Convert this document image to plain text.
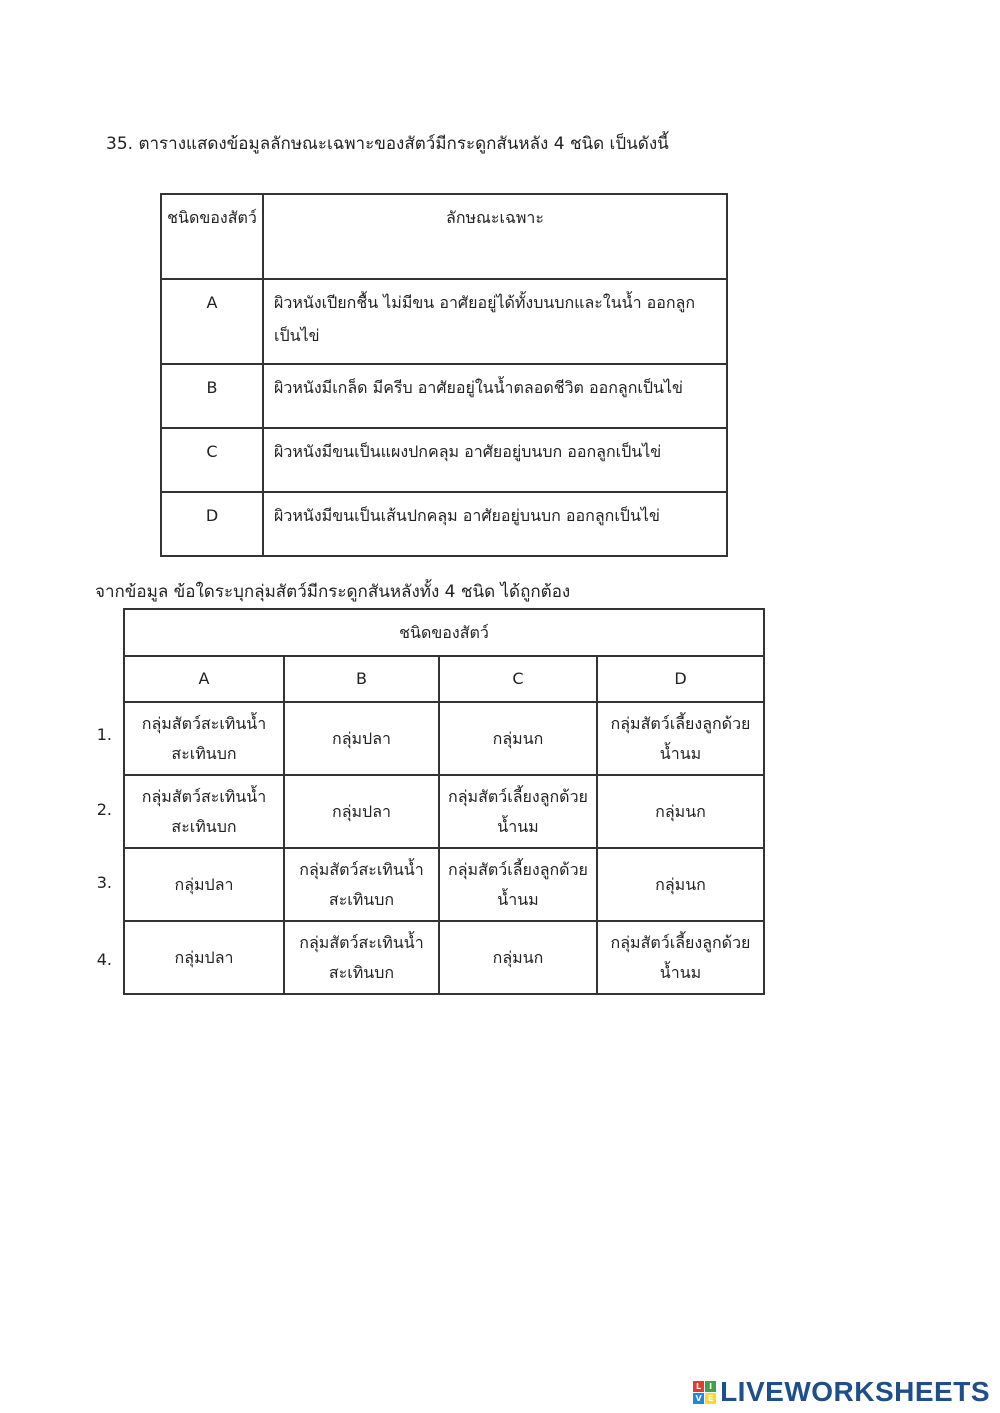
35. ตารางแสดงข้อมูลลักษณะเฉพาะของสัตว์มีกระดูกสันหลัง 4 ชนิด เป็นดังนี้
ชนิดของสัตว์	ลักษณะเฉพาะ
A	ผิวหนังเปียกชื้น ไม่มีขน อาศัยอยู่ได้ทั้งบนบกและในน้ำ ออกลูกเป็นไข่
B	ผิวหนังมีเกล็ด มีครีบ อาศัยอยู่ในน้ำตลอดชีวิต ออกลูกเป็นไข่
C	ผิวหนังมีขนเป็นแผงปกคลุม อาศัยอยู่บนบก ออกลูกเป็นไข่
D	ผิวหนังมีขนเป็นเส้นปกคลุม อาศัยอยู่บนบก ออกลูกเป็นไข่

จากข้อมูล ข้อใดระบุกลุ่มสัตว์มีกระดูกสันหลังทั้ง 4 ชนิด ได้ถูกต้อง

1.
2.
3.
4.
ชนิดของสัตว์			
A	B	C	D
กลุ่มสัตว์สะเทินน้ำสะเทินบก	กลุ่มปลา	กลุ่มนก	กลุ่มสัตว์เลี้ยงลูกด้วยน้ำนม
กลุ่มสัตว์สะเทินน้ำสะเทินบก	กลุ่มปลา	กลุ่มสัตว์เลี้ยงลูกด้วยน้ำนม	กลุ่มนก
กลุ่มปลา	กลุ่มสัตว์สะเทินน้ำสะเทินบก	กลุ่มสัตว์เลี้ยงลูกด้วยน้ำนม	กลุ่มนก
กลุ่มปลา	กลุ่มสัตว์สะเทินน้ำสะเทินบก	กลุ่มนก	กลุ่มสัตว์เลี้ยงลูกด้วยน้ำนม
L I
V E LIVEWORKSHEETS
